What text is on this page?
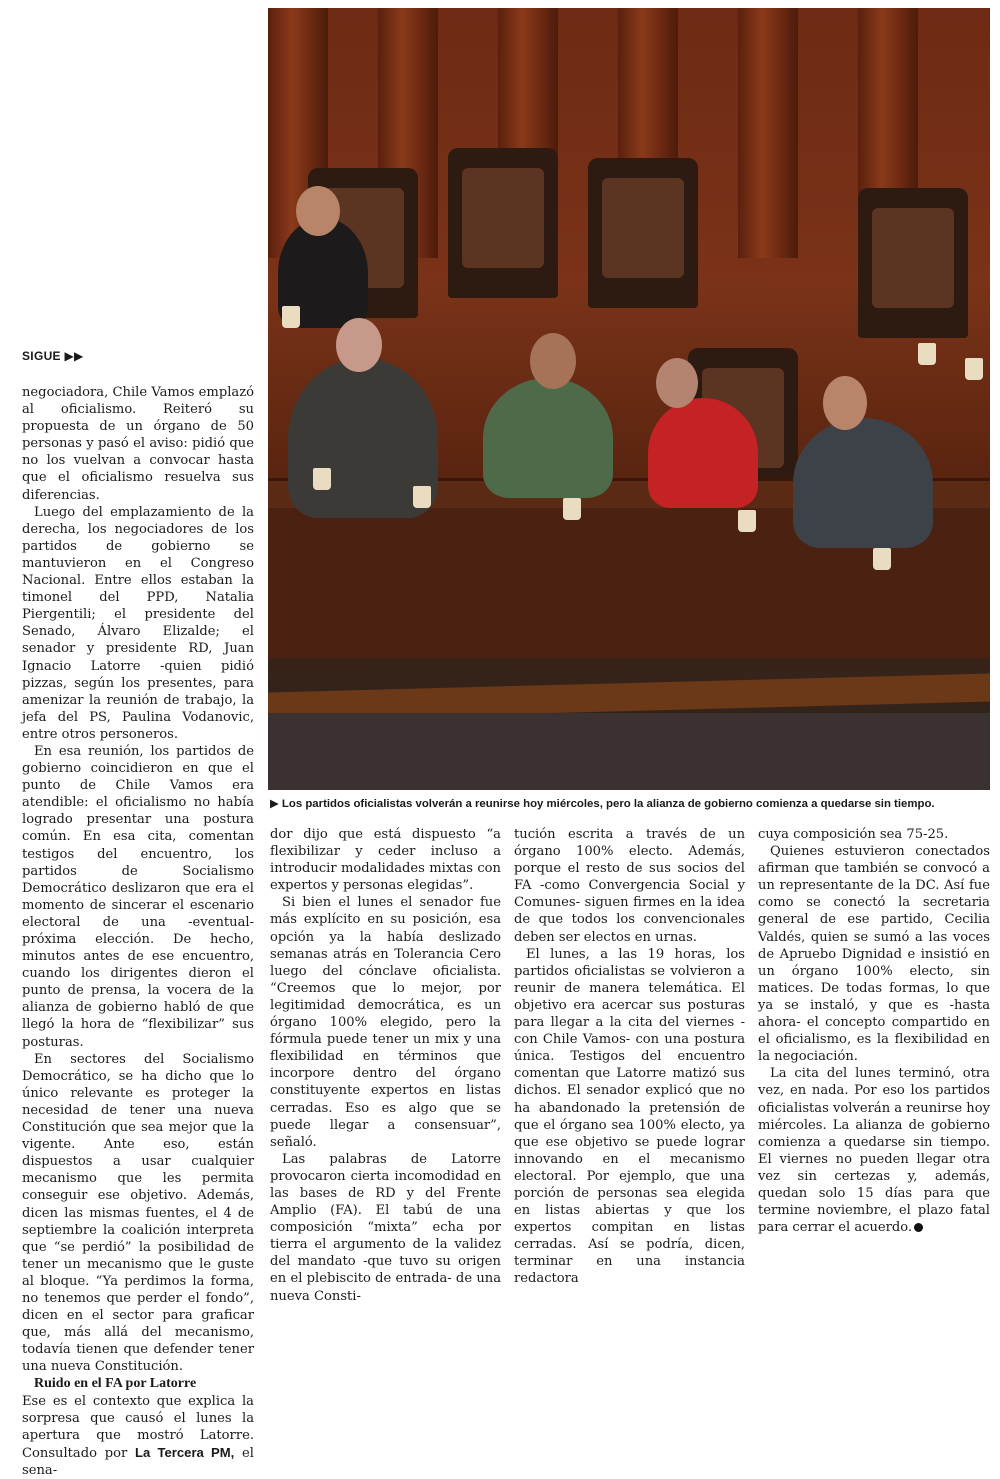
SIGUE ▶▶
▶ Los partidos oficialistas volverán a reunirse hoy miércoles, pero la alianza de gobierno comienza a quedarse sin tiempo.

negociadora, Chile Vamos emplazó al oficialismo. Reiteró su propuesta de un órgano de 50 personas y pasó el aviso: pidió que no los vuelvan a convocar hasta que el oficialismo resuelva sus diferencias.

Luego del emplazamiento de la derecha, los negociadores de los partidos de gobierno se mantuvieron en el Congreso Nacional. Entre ellos estaban la timonel del PPD, Natalia Piergentili; el presidente del Senado, Álvaro Elizalde; el senador y presidente RD, Juan Ignacio Latorre -quien pidió pizzas, según los presentes, para amenizar la reunión de trabajo, la jefa del PS, Paulina Vodanovic, entre otros personeros.

En esa reunión, los partidos de gobierno coincidieron en que el punto de Chile Vamos era atendible: el oficialismo no había logrado presentar una postura común. En esa cita, comentan testigos del encuentro, los partidos de Socialismo Democrático deslizaron que era el momento de sincerar el escenario electoral de una -eventual- próxima elección. De hecho, minutos antes de ese encuentro, cuando los dirigentes dieron el punto de prensa, la vocera de la alianza de gobierno habló de que llegó la hora de “flexibilizar” sus posturas.

En sectores del Socialismo Democrático, se ha dicho que lo único relevante es proteger la necesidad de tener una nueva Constitución que sea mejor que la vigente. Ante eso, están dispuestos a usar cualquier mecanismo que les permita conseguir ese objetivo. Además, dicen las mismas fuentes, el 4 de septiembre la coalición interpreta que “se perdió” la posibilidad de tener un mecanismo que le guste al bloque. “Ya perdimos la forma, no tenemos que perder el fondo”, dicen en el sector para graficar que, más allá del mecanismo, todavía tienen que defender tener una nueva Constitución.

Ruido en el FA por Latorre

Ese es el contexto que explica la sorpresa que causó el lunes la apertura que mostró Latorre. Consultado por La Tercera PM, el sena-

dor dijo que está dispuesto “a flexibilizar y ceder incluso a introducir modalidades mixtas con expertos y personas elegidas”.

Si bien el lunes el senador fue más explícito en su posición, esa opción ya la había deslizado semanas atrás en Tolerancia Cero luego del cónclave oficialista. “Creemos que lo mejor, por legitimidad democrática, es un órgano 100% elegido, pero la fórmula puede tener un mix y una flexibilidad en términos que incorpore dentro del órgano constituyente expertos en listas cerradas. Eso es algo que se puede llegar a consensuar”, señaló.

Las palabras de Latorre provocaron cierta incomodidad en las bases de RD y del Frente Amplio (FA). El tabú de una composición “mixta” echa por tierra el argumento de la validez del mandato -que tuvo su origen en el plebiscito de entrada- de una nueva Consti-

tución escrita a través de un órgano 100% electo. Además, porque el resto de sus socios del FA -como Convergencia Social y Comunes- siguen firmes en la idea de que todos los convencionales deben ser electos en urnas.

El lunes, a las 19 horas, los partidos oficialistas se volvieron a reunir de manera telemática. El objetivo era acercar sus posturas para llegar a la cita del viernes -con Chile Vamos- con una postura única. Testigos del encuentro comentan que Latorre matizó sus dichos. El senador explicó que no ha abandonado la pretensión de que el órgano sea 100% electo, ya que ese objetivo se puede lograr innovando en el mecanismo electoral. Por ejemplo, que una porción de personas sea elegida en listas abiertas y que los expertos compitan en listas cerradas. Así se podría, dicen, terminar en una instancia redactora

cuya composición sea 75-25.

Quienes estuvieron conectados afirman que también se convocó a un representante de la DC. Así fue como se conectó la secretaria general de ese partido, Cecilia Valdés, quien se sumó a las voces de Apruebo Dignidad e insistió en un órgano 100% electo, sin matices. De todas formas, lo que ya se instaló, y que es -hasta ahora- el concepto compartido en el oficialismo, es la flexibilidad en la negociación.

La cita del lunes terminó, otra vez, en nada. Por eso los partidos oficialistas volverán a reunirse hoy miércoles. La alianza de gobierno comienza a quedarse sin tiempo. El viernes no pueden llegar otra vez sin certezas y, además, quedan solo 15 días para que termine noviembre, el plazo fatal para cerrar el acuerdo.
